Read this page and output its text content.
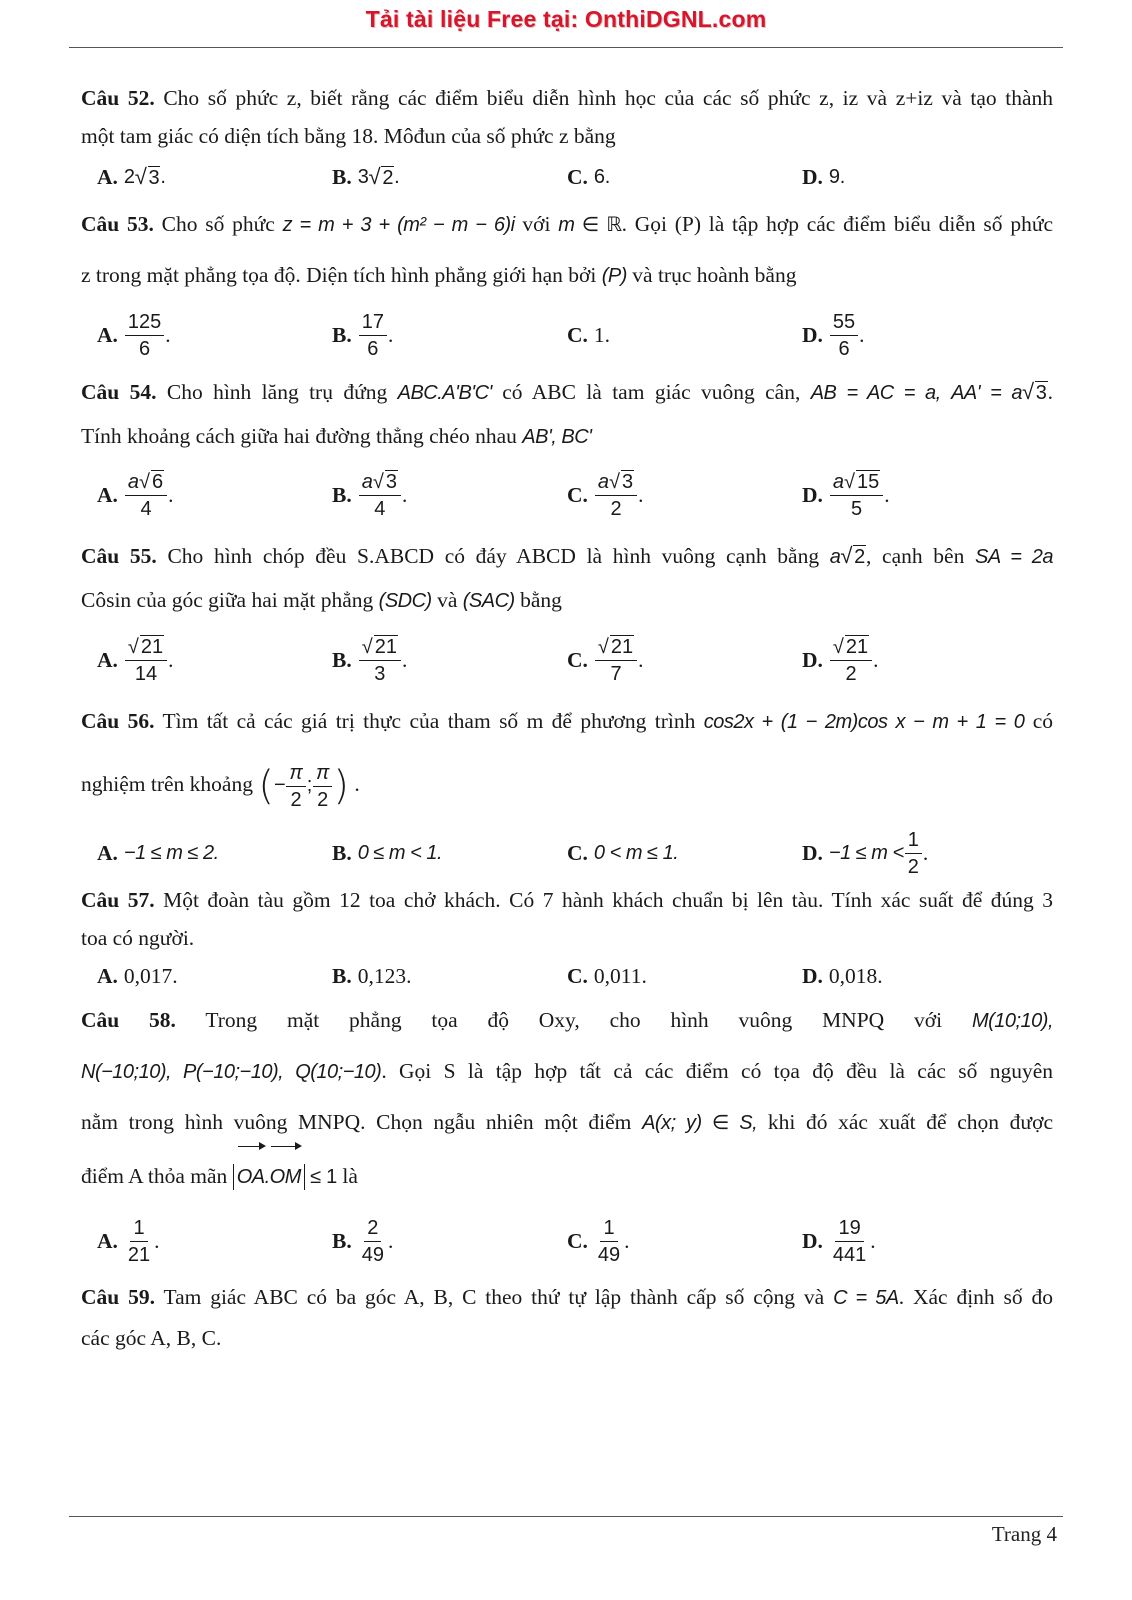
Tải tài liệu Free tại: OnthiDGNL.com

Câu 52. Cho số phức z, biết rằng các điểm biểu diễn hình học của các số phức z, iz và z+iz và tạo thành

một tam giác có diện tích bằng 18. Môđun của số phức z bằng

A. 2 √ 3 .	B. 3 √ 2 .	C. 6.	D. 9.

Câu 53. Cho số phức z = m + 3 + (m² − m − 6)i với m ∈ ℝ. Gọi (P) là tập hợp các điểm biểu diễn số phức

z trong mặt phẳng tọa độ. Diện tích hình phẳng giới hạn bởi (P) và trục hoành bằng

A. $\frac{125}{6}$ .	B. $\frac{17}{6}$ .	C. 1.	D. $\frac{55}{6}$ .

Câu 54. Cho hình lăng trụ đứng ABC.A'B'C' có ABC là tam giác vuông cân, AB = AC = a, AA' = a√ 3.

Tính khoảng cách giữa hai đường thẳng chéo nhau AB', BC'

A. $\frac{a√ 6}{4}$ .	B. $\frac{a√ 3}{4}$ .	C. $\frac{a√ 3}{2}$ .	D. $\frac{a√ 15}{5}$ .

Câu 55. Cho hình chóp đều S.ABCD có đáy ABCD là hình vuông cạnh bằng a√ 2, cạnh bên SA = 2a

Côsin của góc giữa hai mặt phẳng (SDC) và (SAC) bằng

A. $\frac{√ 21}{14}$ .	B. $\frac{√ 21}{3}$ .	C. $\frac{√ 21}{7}$ .	D. $\frac{√ 21}{2}$ .

Câu 56. Tìm tất cả các giá trị thực của tham số m để phương trình cos2x + (1 − 2m)cos x − m + 1 = 0 có

nghiệm trên khoảng (− $\frac{\pi}{2}$ ; $\frac{\pi}{2}$ ) .

A. −1 ≤ m ≤ 2.	B. 0 ≤ m < 1.	C. 0 < m ≤ 1.	D. $-1 \le m < \frac{1}{2}$ .

Câu 57. Một đoàn tàu gồm 12 toa chở khách. Có 7 hành khách chuẩn bị lên tàu. Tính xác suất để đúng 3

toa có người.

A. 0,017.	B. 0,123.	C. 0,011.	D. 0,018.

Câu 58. Trong mặt phẳng tọa độ Oxy, cho hình vuông MNPQ với M(10;10),

N(−10;10), P(−10;−10), Q(10;−10). Gọi S là tập hợp tất cả các điểm có tọa độ đều là các số nguyên

nằm trong hình vuông MNPQ. Chọn ngẫu nhiên một điểm A(x; y) ∈ S, khi đó xác xuất để chọn được

điểm A thỏa mãn OA.OM ≤ 1 là

A. $\frac{1}{21}$ .	B. $\frac{2}{49}$ .	C. $\frac{1}{49}$ .	D. $\frac{19}{441}$ .

Câu 59. Tam giác ABC có ba góc A, B, C theo thứ tự lập thành cấp số cộng và C = 5A. Xác định số đo

các góc A, B, C.

Trang 4
